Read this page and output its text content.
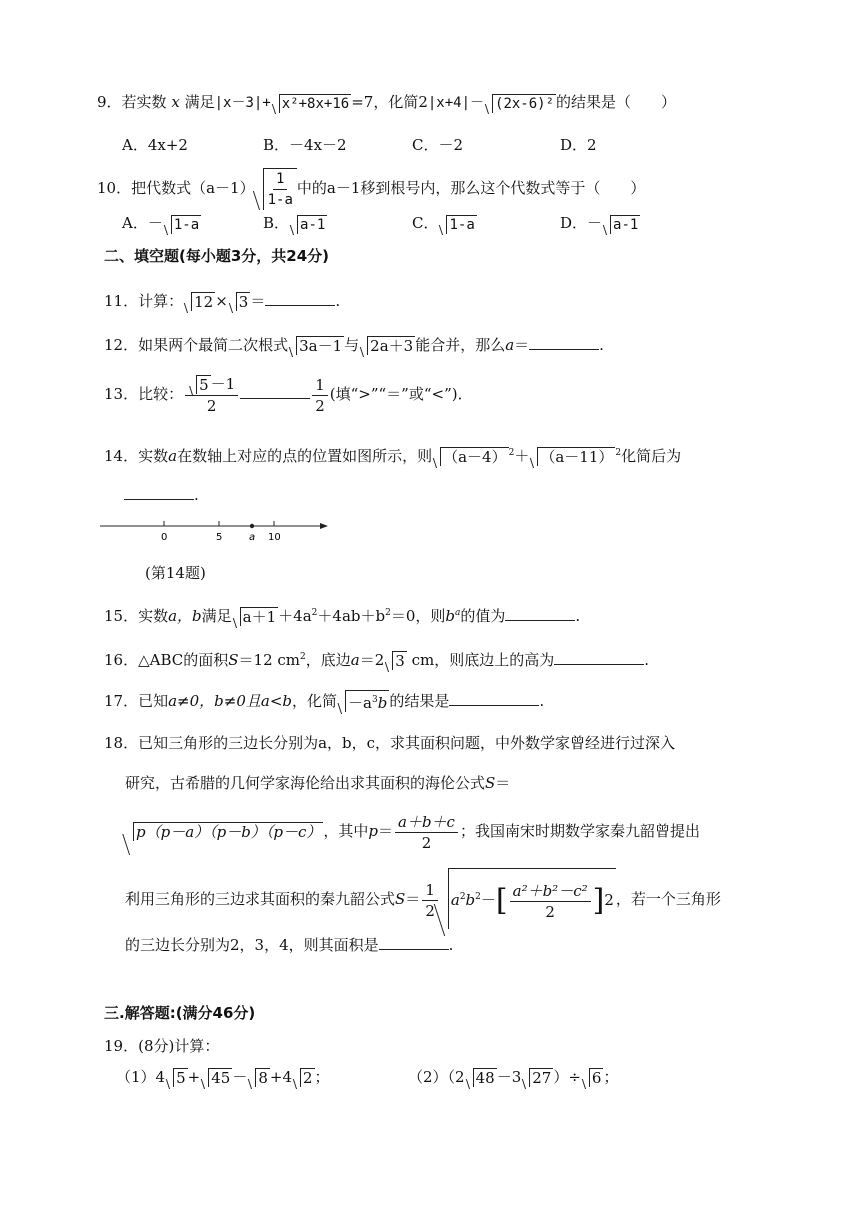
9．若实数 x 满足|x－3|+ x²+8x+16 =7，化简2|x+4|－ (2x-6)² 的结果是（　　）
A．4x+2	B．－4x－2	C．－2	D．2
10．把代数式$(a-1) \frac{1}{1-a}$ 中的a－1移到根号内，那么这个代数式等于（　　）
A．－ 1-a	B． a-1	C． 1-a	D．－ a-1
二、填空题(每小题3分，共24分)
11．计算： 12 × 3 ＝	.
12．如果两个最简二次根式 3a－1 与 2a＋3 能合并，那么a＝	.
13．比较： $\frac{5 -1}{2}$	$\frac{1}{2}$ (填“>”“＝”或“<”)．
14．实数a在数轴上对应的点的位置如图所示，则 （a－4） $^2$＋ （a－11） $^2$化简后为
.
0	5	a 10
(第14题)
15．实数a，b满足 $a+1 +4a^2+4ab+b^2=0$，则$b^a$的值为	.
16．△ABC的面积S＝12 $cm^2$，底边a＝2 3 cm，则底边上的高为	.
17．已知a≠0，b≠0且a<b，化简 $-a^3b$ 的结果是	.
18．已知三角形的三边长分别为a，b，c，求其面积问题，中外数学家曾经进行过深入
研究，古希腊的几何学家海伦给出求其面积的海伦公式S＝
p（p－a）（p－b）（p－c） ，其中$p= \frac{a+b+c}{2}$ ；我国南宋时期数学家秦九韶曾提出
利用三角形的三边求其面积的秦九韶公式$S= \frac{1}{2} a^2b^2-[ \frac{\text{a²＋b²－c²}}{2} ]2$ ，若一个三角形
的三边长分别为2，3，4，则其面积是	.
三.解答题:(满分46分)
19．(8分)计算：
（1）4 5 + 45 － 8 +4 2 ；	（2）（2 48 －3 27 ）÷ 6 ；
